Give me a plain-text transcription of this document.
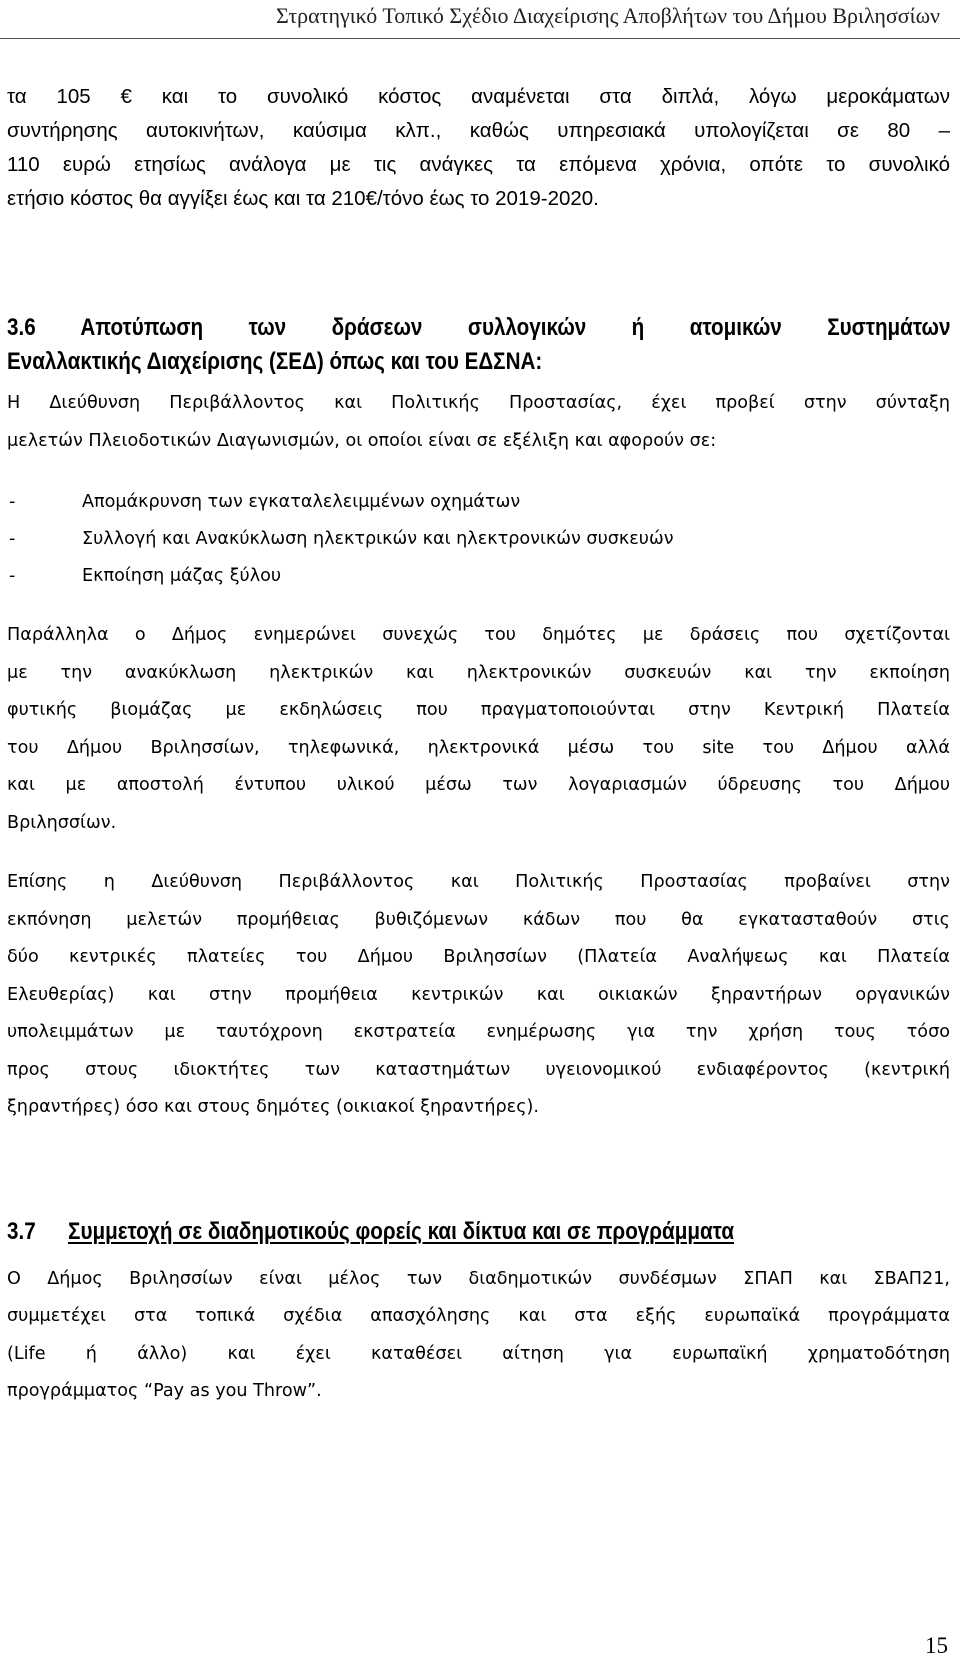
Στρατηγικό Τοπικό Σχέδιο Διαχείρισης Αποβλήτων του Δήμου Βριλησσίων
τα 105 € και το συνολικό κόστος αναμένεται στα διπλά, λόγω μεροκάματων
συντήρησης αυτοκινήτων, καύσιμα κλπ., καθώς υπηρεσιακά υπολογίζεται σε 80 –
110 ευρώ ετησίως ανάλογα με τις ανάγκες τα επόμενα χρόνια, οπότε το συνολικό
ετήσιο κόστος θα αγγίξει έως και τα 210€/τόνο έως το 2019-2020.
3.6 Αποτύπωση των δράσεων συλλογικών ή ατομικών Συστημάτων
Εναλλακτικής Διαχείρισης (ΣΕΔ) όπως και του ΕΔΣΝΑ:
Η Διεύθυνση Περιβάλλοντος και Πολιτικής Προστασίας, έχει προβεί στην σύνταξη
μελετών Πλειοδοτικών Διαγωνισμών, οι οποίοι είναι σε εξέλιξη και αφορούν σε:
-	Απομάκρυνση των εγκαταλελειμμένων οχημάτων
-	Συλλογή και Ανακύκλωση ηλεκτρικών και ηλεκτρονικών συσκευών
-	Εκποίηση μάζας ξύλου
Παράλληλα ο Δήμος ενημερώνει συνεχώς του δημότες με δράσεις που σχετίζονται
με την ανακύκλωση ηλεκτρικών και ηλεκτρονικών συσκευών και την εκποίηση
φυτικής βιομάζας με εκδηλώσεις που πραγματοποιούνται στην Κεντρική Πλατεία
του Δήμου Βριλησσίων, τηλεφωνικά, ηλεκτρονικά μέσω του site του Δήμου αλλά
και με αποστολή έντυπου υλικού μέσω των λογαριασμών ύδρευσης του Δήμου
Βριλησσίων.
Επίσης η Διεύθυνση Περιβάλλοντος και Πολιτικής Προστασίας προβαίνει στην
εκπόνηση μελετών προμήθειας βυθιζόμενων κάδων που θα εγκατασταθούν στις
δύο κεντρικές πλατείες του Δήμου Βριλησσίων (Πλατεία Αναλήψεως και Πλατεία
Ελευθερίας) και στην προμήθεια κεντρικών και οικιακών ξηραντήρων οργανικών
υπολειμμάτων με ταυτόχρονη εκστρατεία ενημέρωσης για την χρήση τους τόσο
προς στους ιδιοκτήτες των καταστημάτων υγειονομικού ενδιαφέροντος (κεντρική
ξηραντήρες) όσο και στους δημότες (οικιακοί ξηραντήρες).
3.7 Συμμετοχή σε διαδημοτικούς φορείς και δίκτυα και σε προγράμματα
Ο Δήμος Βριλησσίων είναι μέλος των διαδημοτικών συνδέσμων ΣΠΑΠ και ΣΒΑΠ21,
συμμετέχει στα τοπικά σχέδια απασχόλησης και στα εξής ευρωπαϊκά προγράμματα
(Life ή άλλο) και έχει καταθέσει αίτηση για ευρωπαϊκή χρηματοδότηση
προγράμματος “Pay as you Throw”.
15
